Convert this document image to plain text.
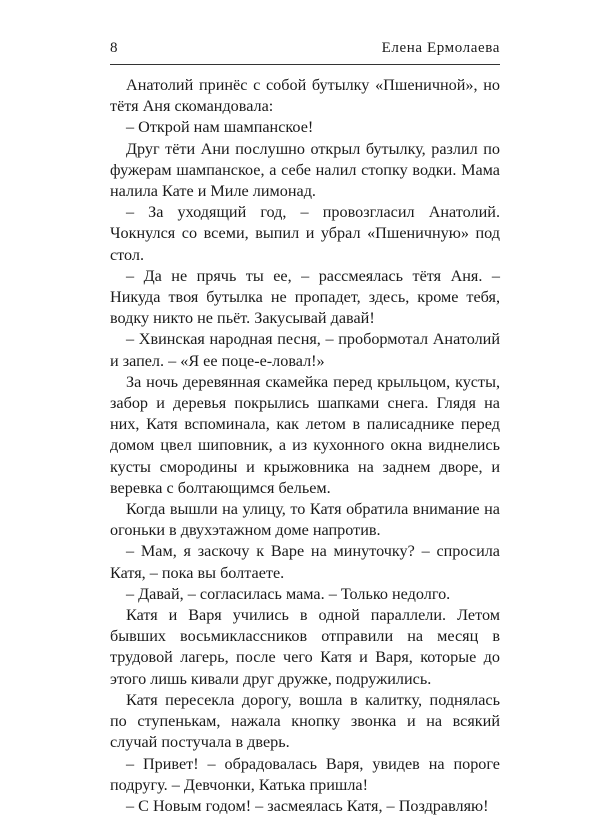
8	Елена Ермолаева

Анатолий принёс с собой бутылку «Пшеничной», но тётя Аня скомандовала:

– Открой нам шампанское!

Друг тёти Ани послушно открыл бутылку, разлил по фужерам шампанское, а себе налил стопку водки. Мама налила Кате и Миле лимонад.

– За уходящий год, – провозгласил Анатолий. Чокнулся со всеми, выпил и убрал «Пшеничную» под стол.

– Да не прячь ты ее, – рассмеялась тётя Аня. – Никуда твоя бутылка не пропадет, здесь, кроме тебя, водку никто не пьёт. Закусывай давай!

– Хвинская народная песня, – пробормотал Анатолий и запел. – «Я ее поце-е-ловал!»

За ночь деревянная скамейка перед крыльцом, кусты, забор и деревья покрылись шапками снега. Глядя на них, Катя вспоминала, как летом в палисаднике перед домом цвел шиповник, а из кухонного окна виднелись кусты смородины и крыжовника на заднем дворе, и веревка с болтающимся бельем.

Когда вышли на улицу, то Катя обратила внимание на огоньки в двухэтажном доме напротив.

– Мам, я заскочу к Варе на минуточку? – спросила Катя, – пока вы болтаете.

– Давай, – согласилась мама. – Только недолго.

Катя и Варя учились в одной параллели. Летом бывших восьмиклассников отправили на месяц в трудовой лагерь, после чего Катя и Варя, которые до этого лишь кивали друг дружке, подружились.

Катя пересекла дорогу, вошла в калитку, поднялась по ступенькам, нажала кнопку звонка и на всякий случай постучала в дверь.

– Привет! – обрадовалась Варя, увидев на пороге подругу. – Девчонки, Катька пришла!

– С Новым годом! – засмеялась Катя, – Поздравляю!
